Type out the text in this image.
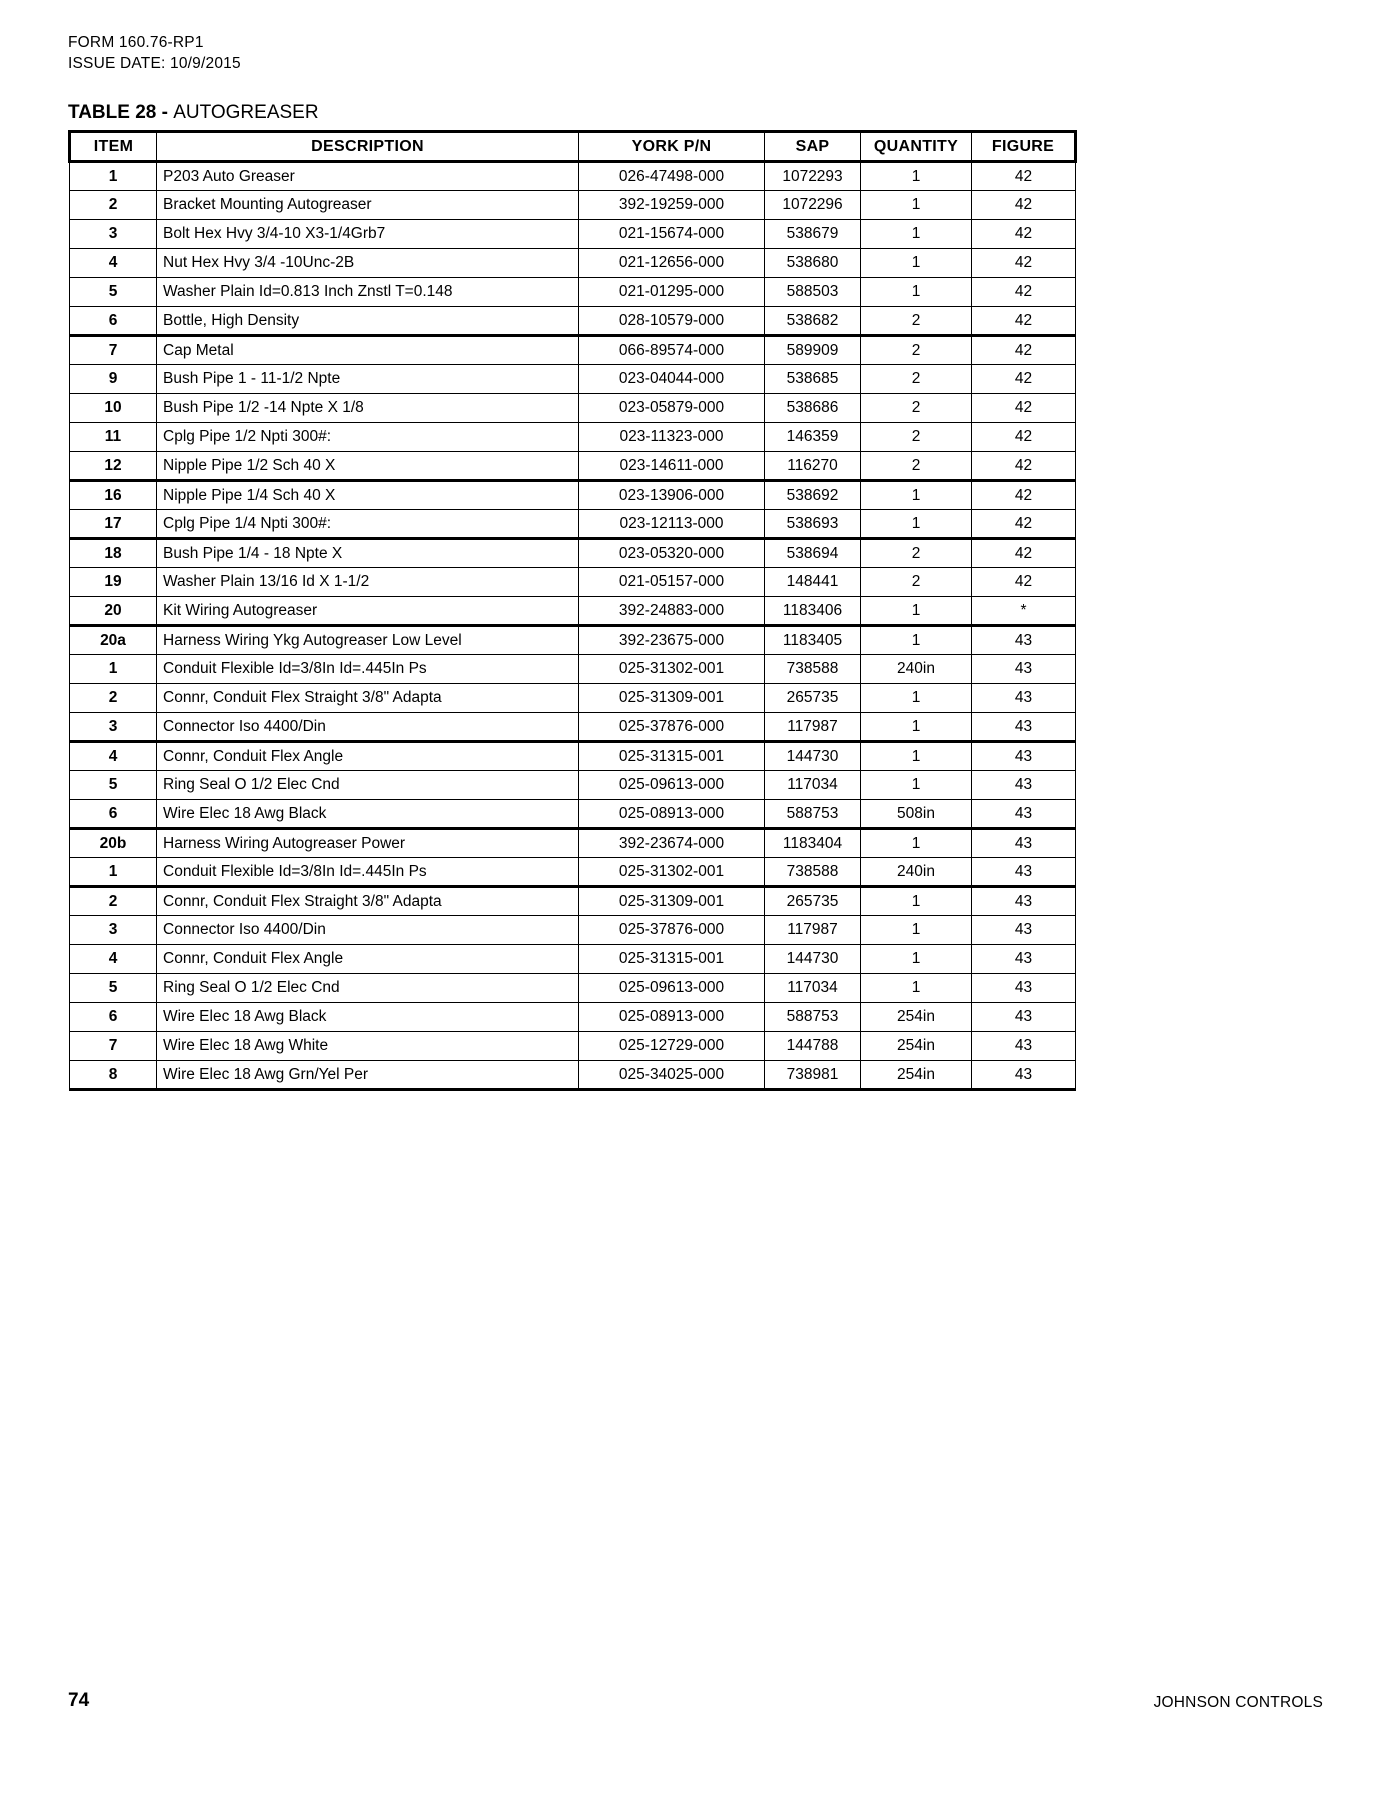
FORM 160.76-RP1
ISSUE DATE: 10/9/2015
TABLE 28 - AUTOGREASER
ITEM	DESCRIPTION	YORK P/N	SAP	QUANTITY	FIGURE
1	P203 Auto Greaser	026-47498-000	1072293	1	42
2	Bracket Mounting Autogreaser	392-19259-000	1072296	1	42
3	Bolt Hex Hvy 3/4-10 X3-1/4Grb7	021-15674-000	538679	1	42
4	Nut Hex Hvy 3/4 -10Unc-2B	021-12656-000	538680	1	42
5	Washer Plain Id=0.813 Inch Znstl T=0.148	021-01295-000	588503	1	42
6	Bottle, High Density	028-10579-000	538682	2	42
7	Cap Metal	066-89574-000	589909	2	42
9	Bush Pipe 1 - 11-1/2 Npte	023-04044-000	538685	2	42
10	Bush Pipe 1/2 -14 Npte X 1/8	023-05879-000	538686	2	42
11	Cplg Pipe 1/2 Npti 300#:	023-11323-000	146359	2	42
12	Nipple Pipe 1/2 Sch 40 X	023-14611-000	116270	2	42
16	Nipple Pipe 1/4 Sch 40 X	023-13906-000	538692	1	42
17	Cplg Pipe 1/4 Npti 300#:	023-12113-000	538693	1	42
18	Bush Pipe 1/4 - 18 Npte X	023-05320-000	538694	2	42
19	Washer Plain 13/16 Id X 1-1/2	021-05157-000	148441	2	42
20	Kit Wiring Autogreaser	392-24883-000	1183406	1	*
20a	Harness Wiring Ykg Autogreaser Low Level	392-23675-000	1183405	1	43
1	Conduit Flexible Id=3/8In Id=.445In Ps	025-31302-001	738588	240in	43
2	Connr, Conduit Flex Straight 3/8" Adapta	025-31309-001	265735	1	43
3	Connector Iso 4400/Din	025-37876-000	117987	1	43
4	Connr, Conduit Flex Angle	025-31315-001	144730	1	43
5	Ring Seal O 1/2 Elec Cnd	025-09613-000	117034	1	43
6	Wire Elec 18 Awg Black	025-08913-000	588753	508in	43
20b	Harness Wiring Autogreaser Power	392-23674-000	1183404	1	43
1	Conduit Flexible Id=3/8In Id=.445In Ps	025-31302-001	738588	240in	43
2	Connr, Conduit Flex Straight 3/8" Adapta	025-31309-001	265735	1	43
3	Connector Iso 4400/Din	025-37876-000	117987	1	43
4	Connr, Conduit Flex Angle	025-31315-001	144730	1	43
5	Ring Seal O 1/2 Elec Cnd	025-09613-000	117034	1	43
6	Wire Elec 18 Awg Black	025-08913-000	588753	254in	43
7	Wire Elec 18 Awg White	025-12729-000	144788	254in	43
8	Wire Elec 18 Awg Grn/Yel Per	025-34025-000	738981	254in	43
74	JOHNSON CONTROLS
